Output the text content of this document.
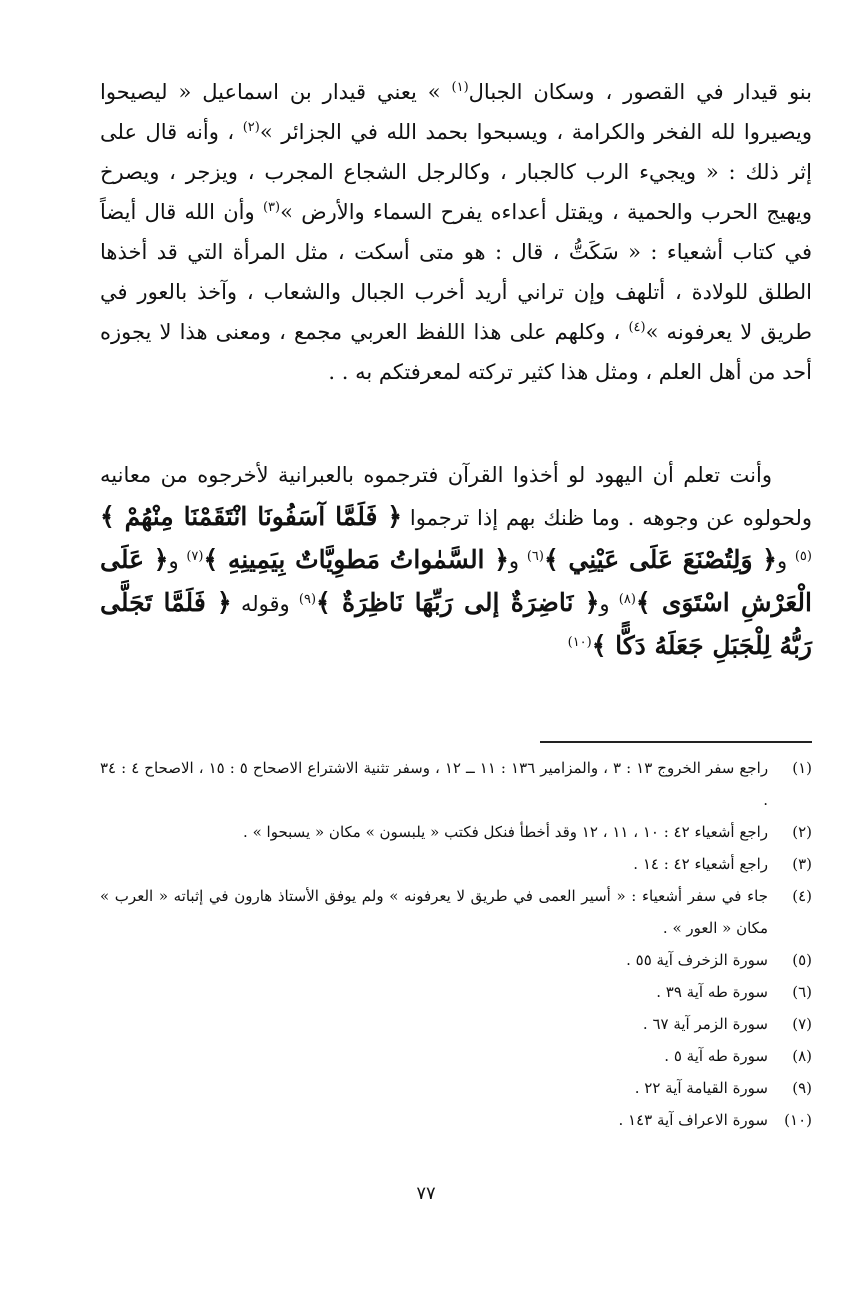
بنو قيدار في القصور ، وسكان الجبال$^{(١)}$ » يعني قيدار بن اسماعيل « ليصيحوا ويصيروا لله الفخر والكرامة ، ويسبحوا بحمد الله في الجزائر »$^{(٢)}$ ، وأنه قال على إثر ذلك : « ويجيء الرب كالجبار ، وكالرجل الشجاع المجرب ، ويزجر ، ويصرخ ويهيج الحرب والحمية ، ويقتل أعداءه يفرح السماء والأرض »$^{(٣)}$ وأن الله قال أيضاً في كتاب أشعياء : « سَكَتُّ ، قال : هو متى أسكت ، مثل المرأة التي قد أخذها الطلق للولادة ، أتلهف وإن تراني أريد أخرب الجبال والشعاب ، وآخذ بالعور في طريق لا يعرفونه »$^{(٤)}$ ، وكلهم على هذا اللفظ العربي مجمع ، ومعنى هذا لا يجوزه أحد من أهل العلم ، ومثل هذا كثير تركته لمعرفتكم به . .

وأنت تعلم أن اليهود لو أخذوا القرآن فترجموه بالعبرانية لأخرجوه من معانيه ولحولوه عن وجوهه . وما ظنك بهم إذا ترجموا ﴿ فَلَمَّا آسَفُونَا انْتَقَمْنَا مِنْهُمْ ﴾$^{(٥)}$ و﴿ وَلِتُصْنَعَ عَلَى عَيْنِي ﴾$^{(٦)}$ و﴿ السَّمٰواتُ مَطوِيَّاتٌ بِيَمِينِهِ ﴾$^{(٧)}$ و﴿ عَلَى الْعَرْشِ اسْتَوَى ﴾$^{(٨)}$ و﴿ نَاضِرَةٌ إلى رَبِّهَا نَاظِرَةٌ ﴾$^{(٩)}$ وقوله ﴿ فَلَمَّا تَجَلَّى رَبُّهُ لِلْجَبَلِ جَعَلَهُ دَكًّا ﴾$^{(١٠)}$

(١)
راجع سفر الخروج ١٣ : ٣ ، والمزامير ١٣٦ : ١١ ــ ١٢ ، وسفر تثنية الاشتراع الاصحاح ٥ : ١٥ ، الاصحاح ٤ : ٣٤ .
(٢)
راجع أشعياء ٤٢ : ١٠ ، ١١ ، ١٢ وقد أخطأ فنكل فكتب « يلبسون » مكان « يسبحوا » .
(٣)
راجع أشعياء ٤٢ : ١٤ .
(٤)
جاء في سفر أشعياء : « أسير العمى في طريق لا يعرفونه » ولم يوفق الأستاذ هارون في إثباته « العرب » مكان « العور » .
(٥)
سورة الزخرف آية ٥٥ .
(٦)
سورة طه آية ٣٩ .
(٧)
سورة الزمر آية ٦٧ .
(٨)
سورة طه آية ٥ .
(٩)
سورة القيامة آية ٢٢ .
(١٠)
سورة الاعراف آية ١٤٣ .
٧٧
